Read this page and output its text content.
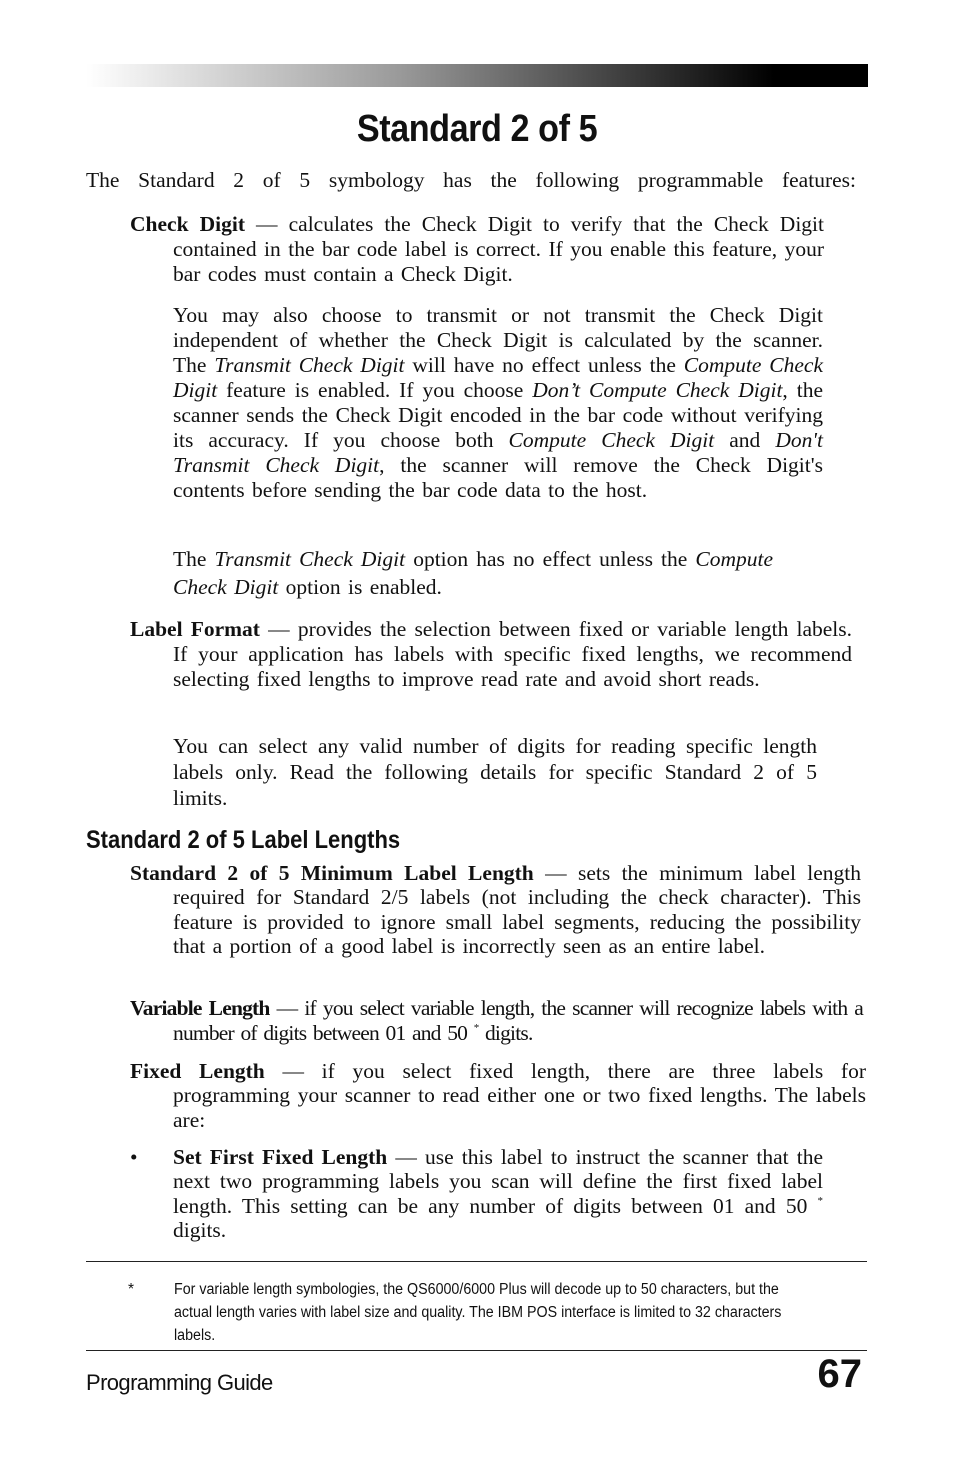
Standard 2 of 5
The Standard 2 of 5 symbology has the following programmable features:
Check Digit — calculates the Check Digit to verify that the Check Digit contained in the bar code label is correct. If you enable this feature, your bar codes must contain a Check Digit.
You may also choose to transmit or not transmit the Check Digit independent of whether the Check Digit is calculated by the scanner. The Transmit Check Digit will have no effect unless the Compute Check Digit feature is enabled. If you choose Don’t Compute Check Digit, the scanner sends the Check Digit encoded in the bar code without verifying its accuracy. If you choose both Compute Check Digit and Don't Transmit Check Digit, the scanner will remove the Check Digit's contents before sending the bar code data to the host.
The Transmit Check Digit option has no effect unless the Compute Check Digit option is enabled.
Label Format — provides the selection between fixed or variable length labels. If your application has labels with specific fixed lengths, we recommend selecting fixed lengths to improve read rate and avoid short reads.
You can select any valid number of digits for reading specific length labels only. Read the following details for specific Standard 2 of 5 limits.
Standard 2 of 5 Label Lengths
Standard 2 of 5 Minimum Label Length — sets the minimum label length required for Standard 2/5 labels (not including the check character). This feature is provided to ignore small label segments, reducing the possibility that a portion of a good label is incorrectly seen as an entire label.
Variable Length — if you select variable length, the scanner will recognize labels with a number of digits between 01 and 50 * digits.
Fixed Length — if you select fixed length, there are three labels for programming your scanner to read either one or two fixed lengths. The labels are:
• Set First Fixed Length — use this label to instruct the scanner that the next two programming labels you scan will define the first fixed label length. This setting can be any number of digits between 01 and 50 * digits.
*	For variable length symbologies, the QS6000/6000 Plus will decode up to 50 characters, but the actual length varies with label size and quality. The IBM POS interface is limited to 32 characters labels.
Programming Guide	67
